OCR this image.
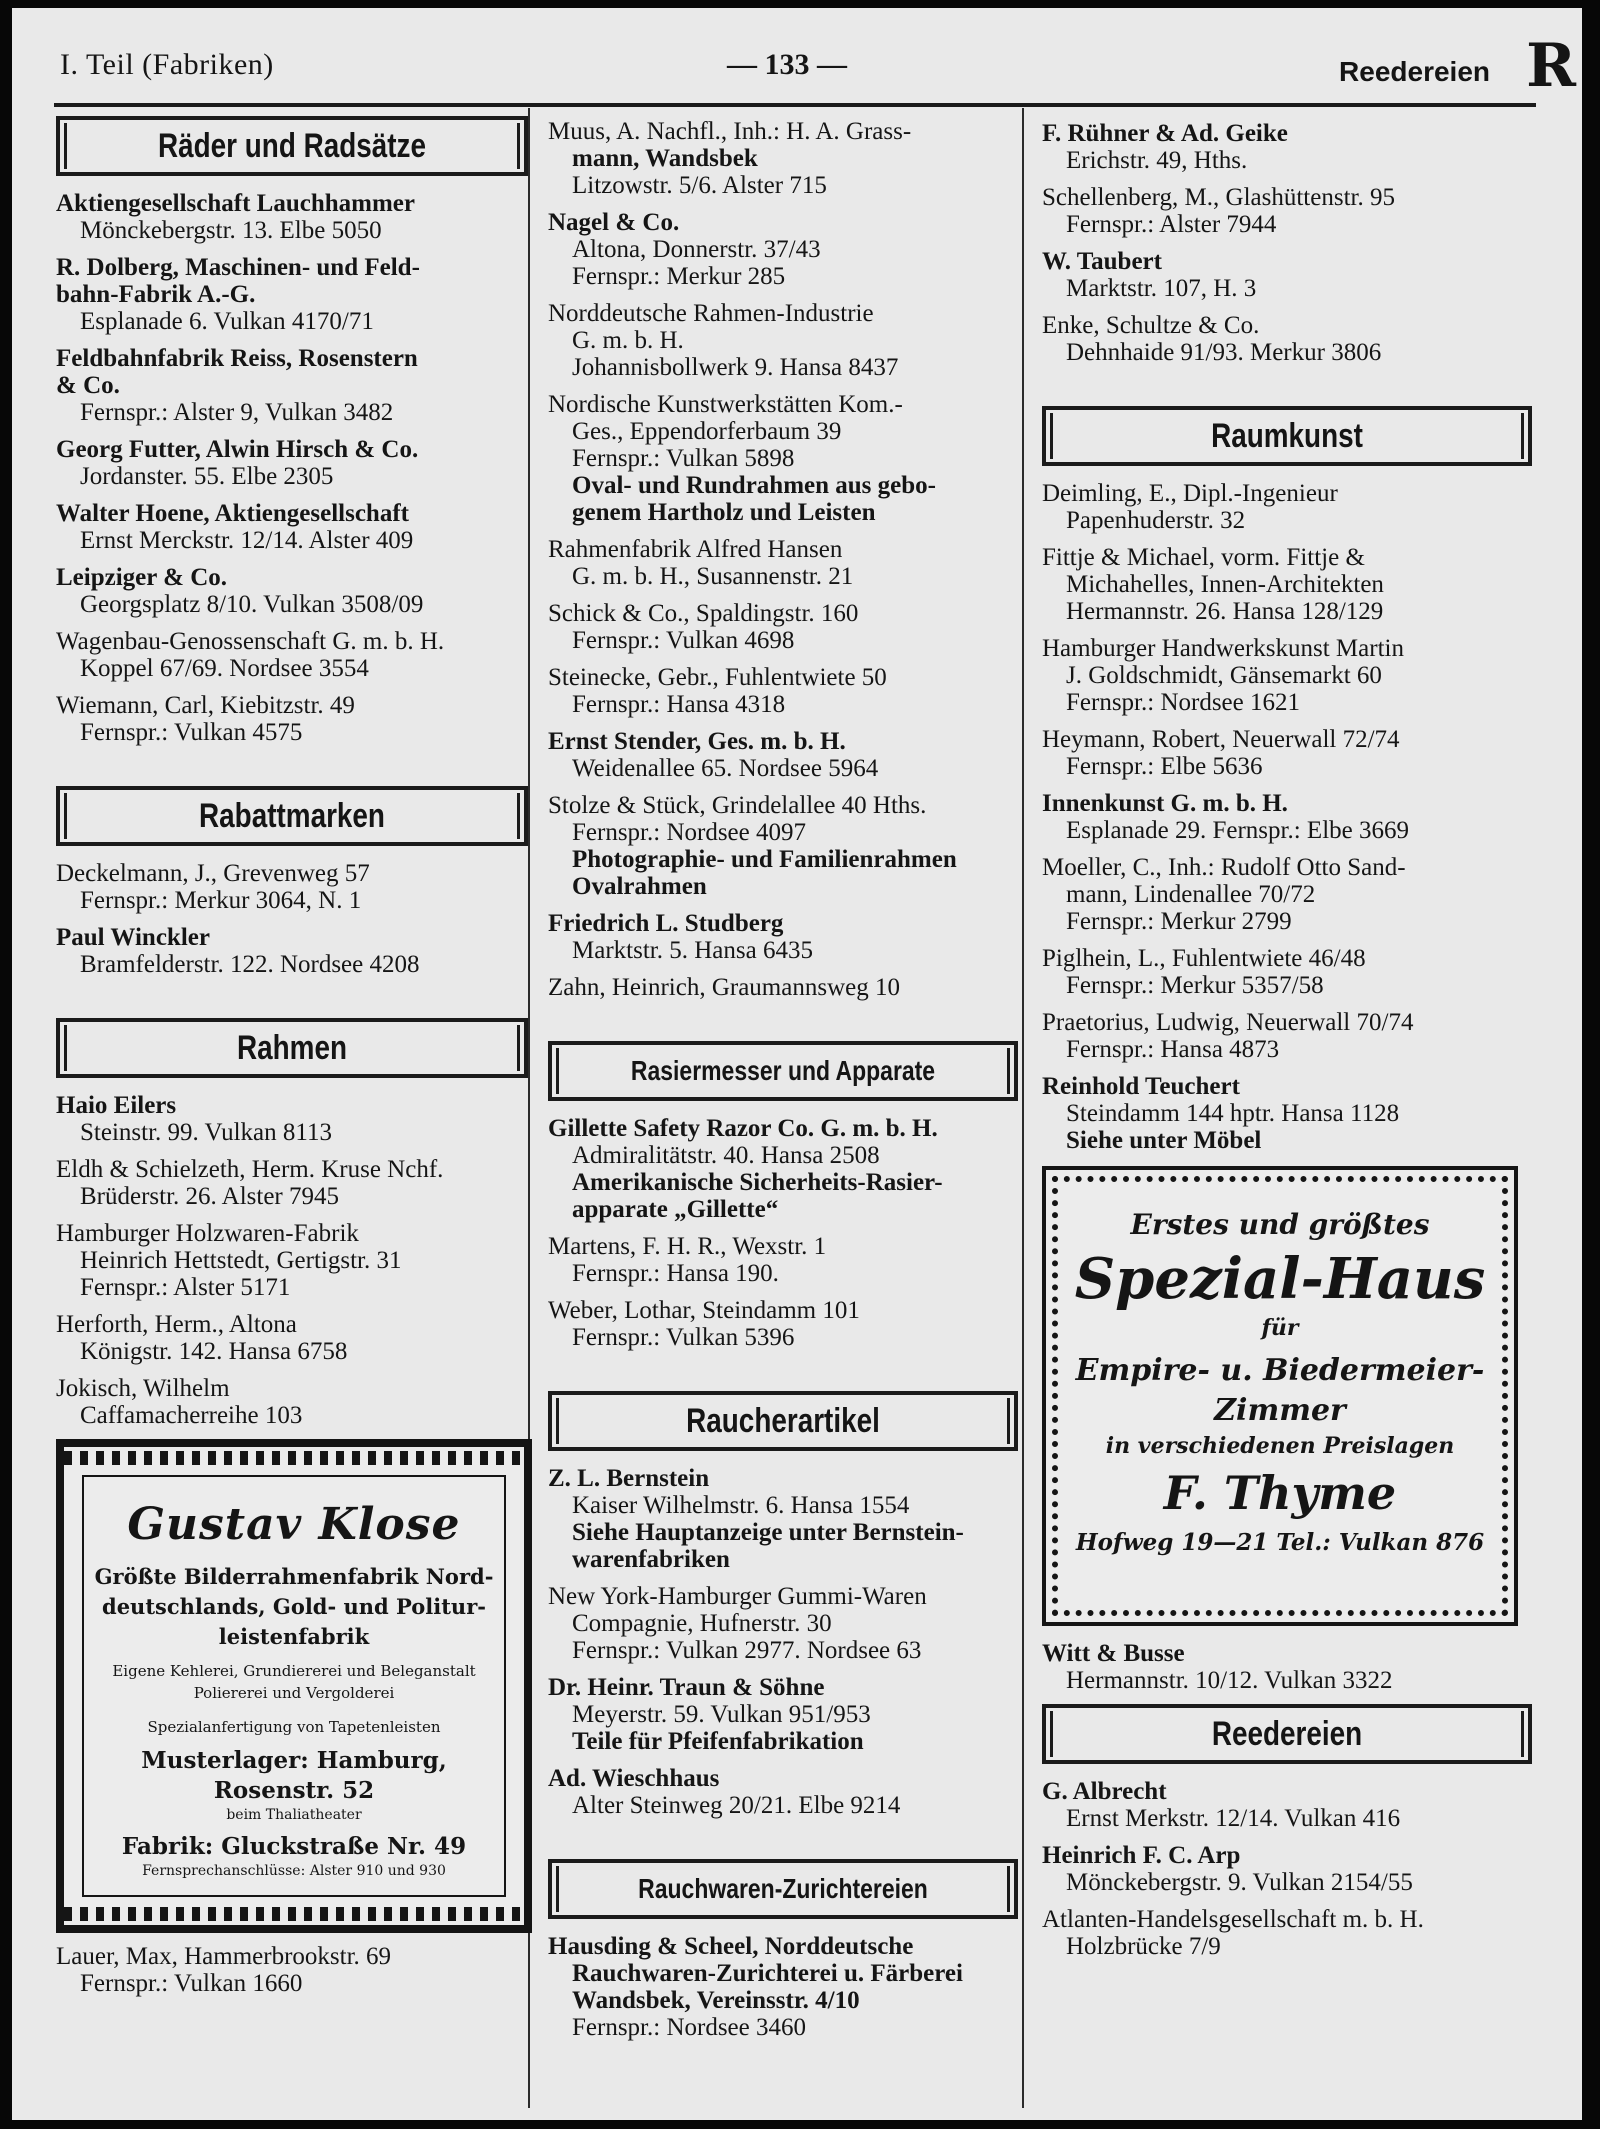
I. Teil (Fabriken)	— 133 —	Reedereien R
Räder und Radsätze
Aktiengesellschaft Lauchhammer
Mönckebergstr. 13. Elbe 5050
R. Dolberg, Maschinen- und Feld-
bahn-Fabrik A.-G.
Esplanade 6. Vulkan 4170/71
Feldbahnfabrik Reiss, Rosenstern
& Co.
Fernspr.: Alster 9, Vulkan 3482
Georg Futter, Alwin Hirsch & Co.
Jordanster. 55. Elbe 2305
Walter Hoene, Aktiengesellschaft
Ernst Merckstr. 12/14. Alster 409
Leipziger & Co.
Georgsplatz 8/10. Vulkan 3508/09
Wagenbau-Genossenschaft G. m. b. H.
Koppel 67/69. Nordsee 3554
Wiemann, Carl, Kiebitzstr. 49
Fernspr.: Vulkan 4575
Rabattmarken
Deckelmann, J., Grevenweg 57
Fernspr.: Merkur 3064, N. 1
Paul Winckler
Bramfelderstr. 122. Nordsee 4208
Rahmen
Haio Eilers
Steinstr. 99. Vulkan 8113
Eldh & Schielzeth, Herm. Kruse Nchf.
Brüderstr. 26. Alster 7945
Hamburger Holzwaren-Fabrik
Heinrich Hettstedt, Gertigstr. 31
Fernspr.: Alster 5171
Herforth, Herm., Altona
Königstr. 142. Hansa 6758
Jokisch, Wilhelm
Caffamacherreihe 103
Gustav Klose
Größte Bilderrahmenfabrik Nord-
deutschlands, Gold- und Politur-
leistenfabrik
Eigene Kehlerei, Grundiererei und Beleganstalt
Poliererei und Vergolderei
Spezialanfertigung von Tapetenleisten
Musterlager: Hamburg, Rosenstr. 52
beim Thaliatheater
Fabrik: Gluckstraße Nr. 49
Fernsprechanschlüsse: Alster 910 und 930
Lauer, Max, Hammerbrookstr. 69
Fernspr.: Vulkan 1660
Muus, A. Nachfl., Inh.: H. A. Grass-
mann, Wandsbek
Litzowstr. 5/6. Alster 715
Nagel & Co.
Altona, Donnerstr. 37/43
Fernspr.: Merkur 285
Norddeutsche Rahmen-Industrie
G. m. b. H.
Johannisbollwerk 9. Hansa 8437
Nordische Kunstwerkstätten Kom.-
Ges., Eppendorferbaum 39
Fernspr.: Vulkan 5898
Oval- und Rundrahmen aus gebo-
genem Hartholz und Leisten
Rahmenfabrik Alfred Hansen
G. m. b. H., Susannenstr. 21
Schick & Co., Spaldingstr. 160
Fernspr.: Vulkan 4698
Steinecke, Gebr., Fuhlentwiete 50
Fernspr.: Hansa 4318
Ernst Stender, Ges. m. b. H.
Weidenallee 65. Nordsee 5964
Stolze & Stück, Grindelallee 40 Hths.
Fernspr.: Nordsee 4097
Photographie- und Familienrahmen
Ovalrahmen
Friedrich L. Studberg
Marktstr. 5. Hansa 6435
Zahn, Heinrich, Graumannsweg 10
Rasiermesser und Apparate
Gillette Safety Razor Co. G. m. b. H.
Admiralitätstr. 40. Hansa 2508
Amerikanische Sicherheits-Rasier-
apparate „Gillette“
Martens, F. H. R., Wexstr. 1
Fernspr.: Hansa 190.
Weber, Lothar, Steindamm 101
Fernspr.: Vulkan 5396
Raucherartikel
Z. L. Bernstein
Kaiser Wilhelmstr. 6. Hansa 1554
Siehe Hauptanzeige unter Bernstein-
warenfabriken
New York-Hamburger Gummi-Waren
Compagnie, Hufnerstr. 30
Fernspr.: Vulkan 2977. Nordsee 63
Dr. Heinr. Traun & Söhne
Meyerstr. 59. Vulkan 951/953
Teile für Pfeifenfabrikation
Ad. Wieschhaus
Alter Steinweg 20/21. Elbe 9214
Rauchwaren-Zurichtereien
Hausding & Scheel, Norddeutsche
Rauchwaren-Zurichterei u. Färberei
Wandsbek, Vereinsstr. 4/10
Fernspr.: Nordsee 3460
F. Rühner & Ad. Geike
Erichstr. 49, Hths.
Schellenberg, M., Glashüttenstr. 95
Fernspr.: Alster 7944
W. Taubert
Marktstr. 107, H. 3
Enke, Schultze & Co.
Dehnhaide 91/93. Merkur 3806
Raumkunst
Deimling, E., Dipl.-Ingenieur
Papenhuderstr. 32
Fittje & Michael, vorm. Fittje &
Michahelles, Innen-Architekten
Hermannstr. 26. Hansa 128/129
Hamburger Handwerkskunst Martin
J. Goldschmidt, Gänsemarkt 60
Fernspr.: Nordsee 1621
Heymann, Robert, Neuerwall 72/74
Fernspr.: Elbe 5636
Innenkunst G. m. b. H.
Esplanade 29. Fernspr.: Elbe 3669
Moeller, C., Inh.: Rudolf Otto Sand-
mann, Lindenallee 70/72
Fernspr.: Merkur 2799
Piglhein, L., Fuhlentwiete 46/48
Fernspr.: Merkur 5357/58
Praetorius, Ludwig, Neuerwall 70/74
Fernspr.: Hansa 4873
Reinhold Teuchert
Steindamm 144 hptr. Hansa 1128
Siehe unter Möbel
Erstes und größtes
Spezial-Haus
für
Empire- u. Biedermeier-
Zimmer
in verschiedenen Preislagen
F. Thyme
Hofweg 19—21 Tel.: Vulkan 876
Witt & Busse
Hermannstr. 10/12. Vulkan 3322
Reedereien
G. Albrecht
Ernst Merkstr. 12/14. Vulkan 416
Heinrich F. C. Arp
Mönckebergstr. 9. Vulkan 2154/55
Atlanten-Handelsgesellschaft m. b. H.
Holzbrücke 7/9
